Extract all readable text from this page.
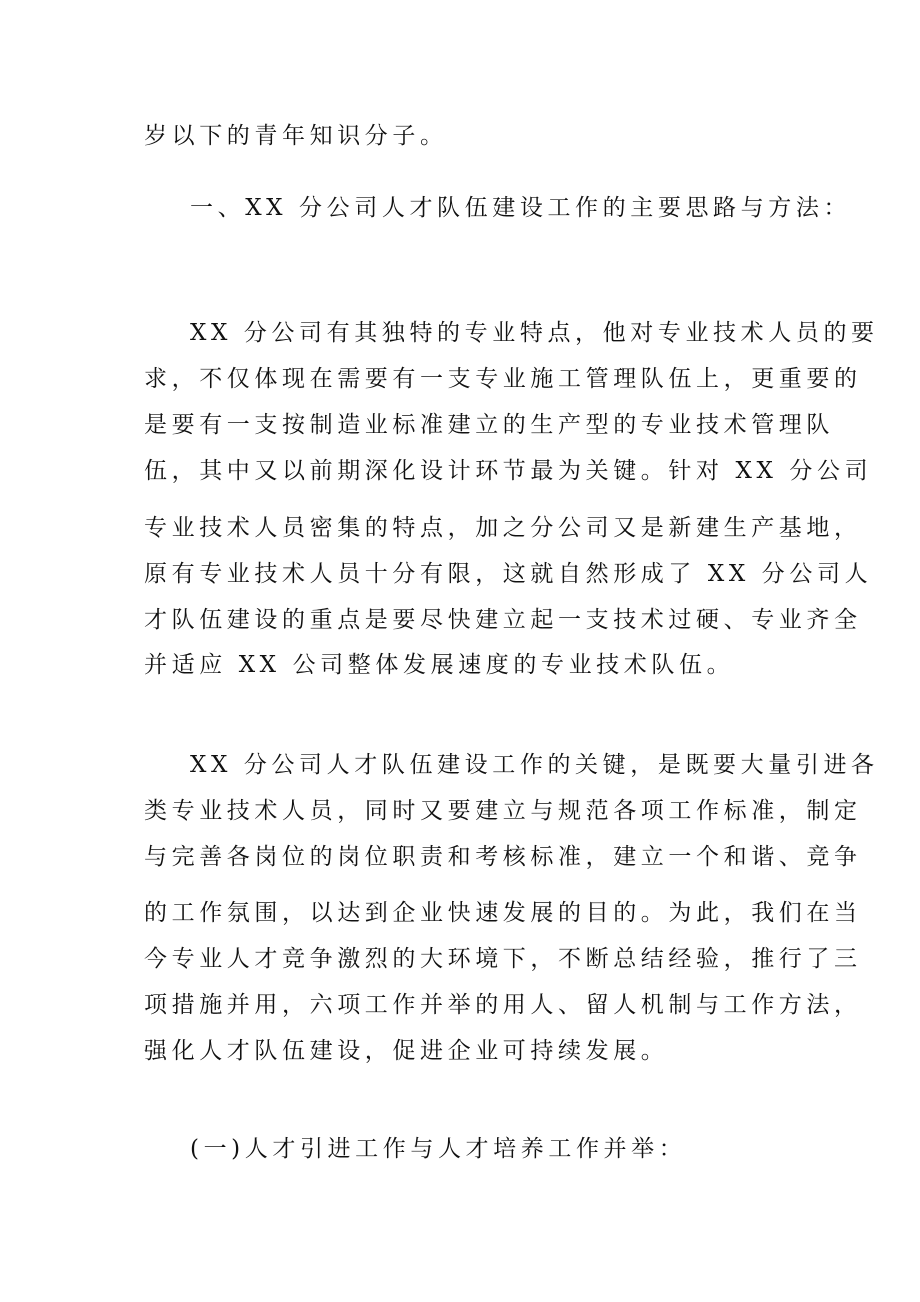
岁以下的青年知识分子。
一、XX 分公司人才队伍建设工作的主要思路与方法：
XX 分公司有其独特的专业特点，他对专业技术人员的要
求，不仅体现在需要有一支专业施工管理队伍上，更重要的
是要有一支按制造业标准建立的生产型的专业技术管理队
伍，其中又以前期深化设计环节最为关键。针对 XX 分公司
专业技术人员密集的特点，加之分公司又是新建生产基地，
原有专业技术人员十分有限，这就自然形成了 XX 分公司人
才队伍建设的重点是要尽快建立起一支技术过硬、专业齐全
并适应 XX 公司整体发展速度的专业技术队伍。
XX 分公司人才队伍建设工作的关键，是既要大量引进各
类专业技术人员，同时又要建立与规范各项工作标准，制定
与完善各岗位的岗位职责和考核标准，建立一个和谐、竞争
的工作氛围，以达到企业快速发展的目的。为此，我们在当
今专业人才竞争激烈的大环境下，不断总结经验，推行了三
项措施并用，六项工作并举的用人、留人机制与工作方法，
强化人才队伍建设，促进企业可持续发展。
(一)人才引进工作与人才培养工作并举：
